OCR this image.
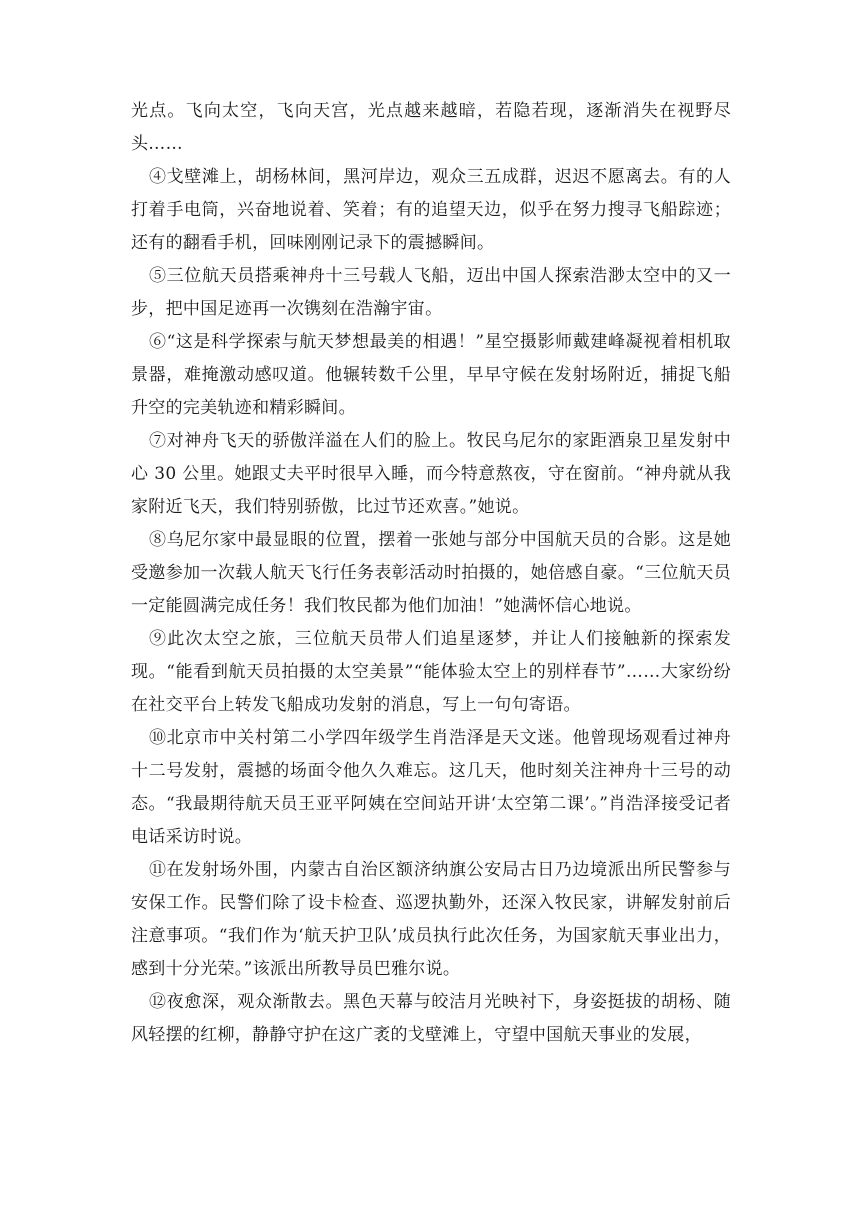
光点。飞向太空，飞向天宫，光点越来越暗，若隐若现，逐渐消失在视野尽头……

④戈壁滩上，胡杨林间，黑河岸边，观众三五成群，迟迟不愿离去。有的人打着手电筒，兴奋地说着、笑着；有的追望天边，似乎在努力搜寻飞船踪迹；还有的翻看手机，回味刚刚记录下的震撼瞬间。

⑤三位航天员搭乘神舟十三号载人飞船，迈出中国人探索浩渺太空中的又一步，把中国足迹再一次镌刻在浩瀚宇宙。

⑥“这是科学探索与航天梦想最美的相遇！”星空摄影师戴建峰凝视着相机取景器，难掩激动感叹道。他辗转数千公里，早早守候在发射场附近，捕捉飞船升空的完美轨迹和精彩瞬间。

⑦对神舟飞天的骄傲洋溢在人们的脸上。牧民乌尼尔的家距酒泉卫星发射中心 30 公里。她跟丈夫平时很早入睡，而今特意熬夜，守在窗前。“神舟就从我家附近飞天，我们特别骄傲，比过节还欢喜。”她说。

⑧乌尼尔家中最显眼的位置，摆着一张她与部分中国航天员的合影。这是她受邀参加一次载人航天飞行任务表彰活动时拍摄的，她倍感自豪。“三位航天员一定能圆满完成任务！我们牧民都为他们加油！”她满怀信心地说。

⑨此次太空之旅，三位航天员带人们追星逐梦，并让人们接触新的探索发现。“能看到航天员拍摄的太空美景”“能体验太空上的别样春节”……大家纷纷在社交平台上转发飞船成功发射的消息，写上一句句寄语。

⑩北京市中关村第二小学四年级学生肖浩泽是天文迷。他曾现场观看过神舟十二号发射，震撼的场面令他久久难忘。这几天，他时刻关注神舟十三号的动态。“我最期待航天员王亚平阿姨在空间站开讲‘太空第二课’。”肖浩泽接受记者电话采访时说。

⑪在发射场外围，内蒙古自治区额济纳旗公安局古日乃边境派出所民警参与安保工作。民警们除了设卡检查、巡逻执勤外，还深入牧民家，讲解发射前后注意事项。“我们作为‘航天护卫队’成员执行此次任务，为国家航天事业出力，感到十分光荣。”该派出所教导员巴雅尔说。

⑫夜愈深，观众渐散去。黑色天幕与皎洁月光映衬下，身姿挺拔的胡杨、随风轻摆的红柳，静静守护在这广袤的戈壁滩上，守望中国航天事业的发展，
